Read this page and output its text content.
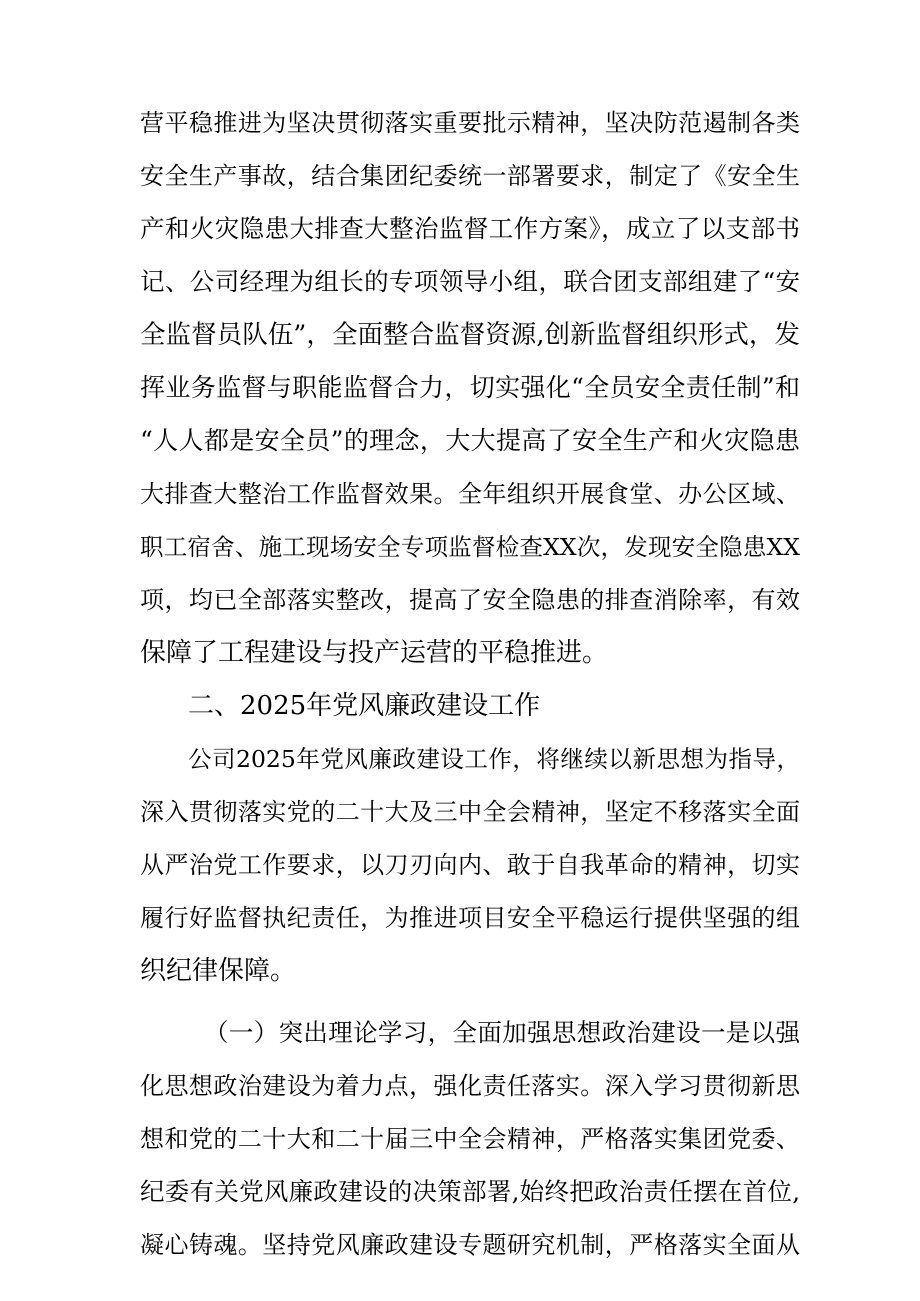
营平稳推进为坚决贯彻落实重要批示精神，坚决防范遏制各类
安全生产事故，结合集团纪委统一部署要求，制定了《安全生
产和火灾隐患大排查大整治监督工作方案》，成立了以支部书
记、公司经理为组长的专项领导小组，联合团支部组建了“安
全监督员队伍”，全面整合监督资源,创新监督组织形式，发
挥业务监督与职能监督合力，切实强化“全员安全责任制”和
“人人都是安全员”的理念，大大提高了安全生产和火灾隐患
大排查大整治工作监督效果。全年组织开展食堂、办公区域、
职工宿舍、施工现场安全专项监督检查XX次，发现安全隐患XX
项，均已全部落实整改，提高了安全隐患的排查消除率，有效
保障了工程建设与投产运营的平稳推进。
二、2025年党风廉政建设工作
公司2025年党风廉政建设工作，将继续以新思想为指导，
深入贯彻落实党的二十大及三中全会精神，坚定不移落实全面
从严治党工作要求，以刀刃向内、敢于自我革命的精神，切实
履行好监督执纪责任，为推进项目安全平稳运行提供坚强的组
织纪律保障。
（一）突出理论学习，全面加强思想政治建设一是以强
化思想政治建设为着力点，强化责任落实。深入学习贯彻新思
想和党的二十大和二十届三中全会精神，严格落实集团党委、
纪委有关党风廉政建设的决策部署,始终把政治责任摆在首位,
凝心铸魂。坚持党风廉政建设专题研究机制，严格落实全面从
